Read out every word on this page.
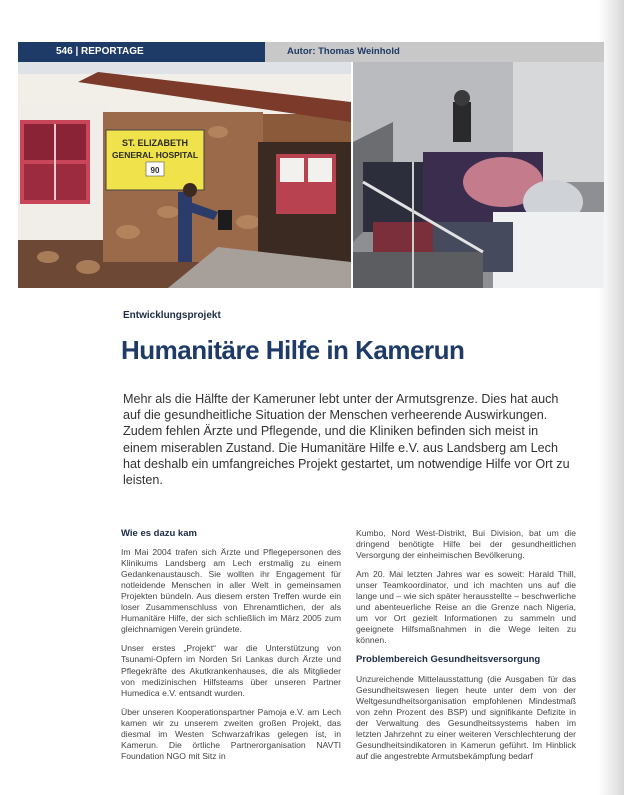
546 | REPORTAGE	Autor: Thomas Weinhold
ST. ELIZABETH
GENERAL HOSPITAL
90
Entwicklungsprojekt
Humanitäre Hilfe in Kamerun
Mehr als die Hälfte der Kameruner lebt unter der Armutsgrenze. Dies hat auch auf die gesundheitliche Situation der Menschen verheerende Auswirkungen. Zudem fehlen Ärzte und Pflegende, und die Kliniken befinden sich meist in einem miserablen Zustand. Die Humanitäre Hilfe e.V. aus Landsberg am Lech hat deshalb ein umfangreiches Projekt gestartet, um notwendige Hilfe vor Ort zu leisten.
Wie es dazu kam

Im Mai 2004 trafen sich Ärzte und Pflegepersonen des Klinikums Landsberg am Lech erstmalig zu einem Gedankenaustausch. Sie wollten ihr Engagement für notleidende Menschen in aller Welt in gemeinsamen Projekten bündeln. Aus diesem ersten Treffen wurde ein loser Zusammenschluss von Ehrenamtlichen, der als Humanitäre Hilfe, der sich schließlich im März 2005 zum gleichnamigen Verein gründete.

Unser erstes „Projekt“ war die Unterstützung von Tsunami-Opfern im Norden Sri Lankas durch Ärzte und Pflegekräfte des Akutkrankenhauses, die als Mitglieder von medizinischen Hilfsteams über unseren Partner Humedica e.V. entsandt wurden.

Über unseren Kooperationspartner Pamoja e.V. am Lech kamen wir zu unserem zweiten großen Projekt, das diesmal im Westen Schwarzafrikas gelegen ist, in Kamerun. Die örtliche Partnerorganisation NAVTI Foundation NGO mit Sitz in

Kumbo, Nord West-Distrikt, Bui Division, bat um die dringend benötigte Hilfe bei der gesundheitlichen Versorgung der einheimischen Bevölkerung.

Am 20. Mai letzten Jahres war es soweit: Harald Thill, unser Teamkoordinator, und ich machten uns auf die lange und – wie sich später herausstellte – beschwerliche und abenteuerliche Reise an die Grenze nach Nigeria, um vor Ort gezielt Informationen zu sammeln und geeignete Hilfsmaßnahmen in die Wege leiten zu können.

Problembereich Gesundheitsversorgung

Unzureichende Mittelausstattung (die Ausgaben für das Gesundheitswesen liegen heute unter dem von der Weltgesundheitsorganisation empfohlenen Mindestmaß von zehn Prozent des BSP) und signifikante Defizite in der Verwaltung des Gesundheitssystems haben im letzten Jahrzehnt zu einer weiteren Verschlechterung der Gesundheitsindikatoren in Kamerun geführt. Im Hinblick auf die angestrebte Armutsbekämpfung bedarf
